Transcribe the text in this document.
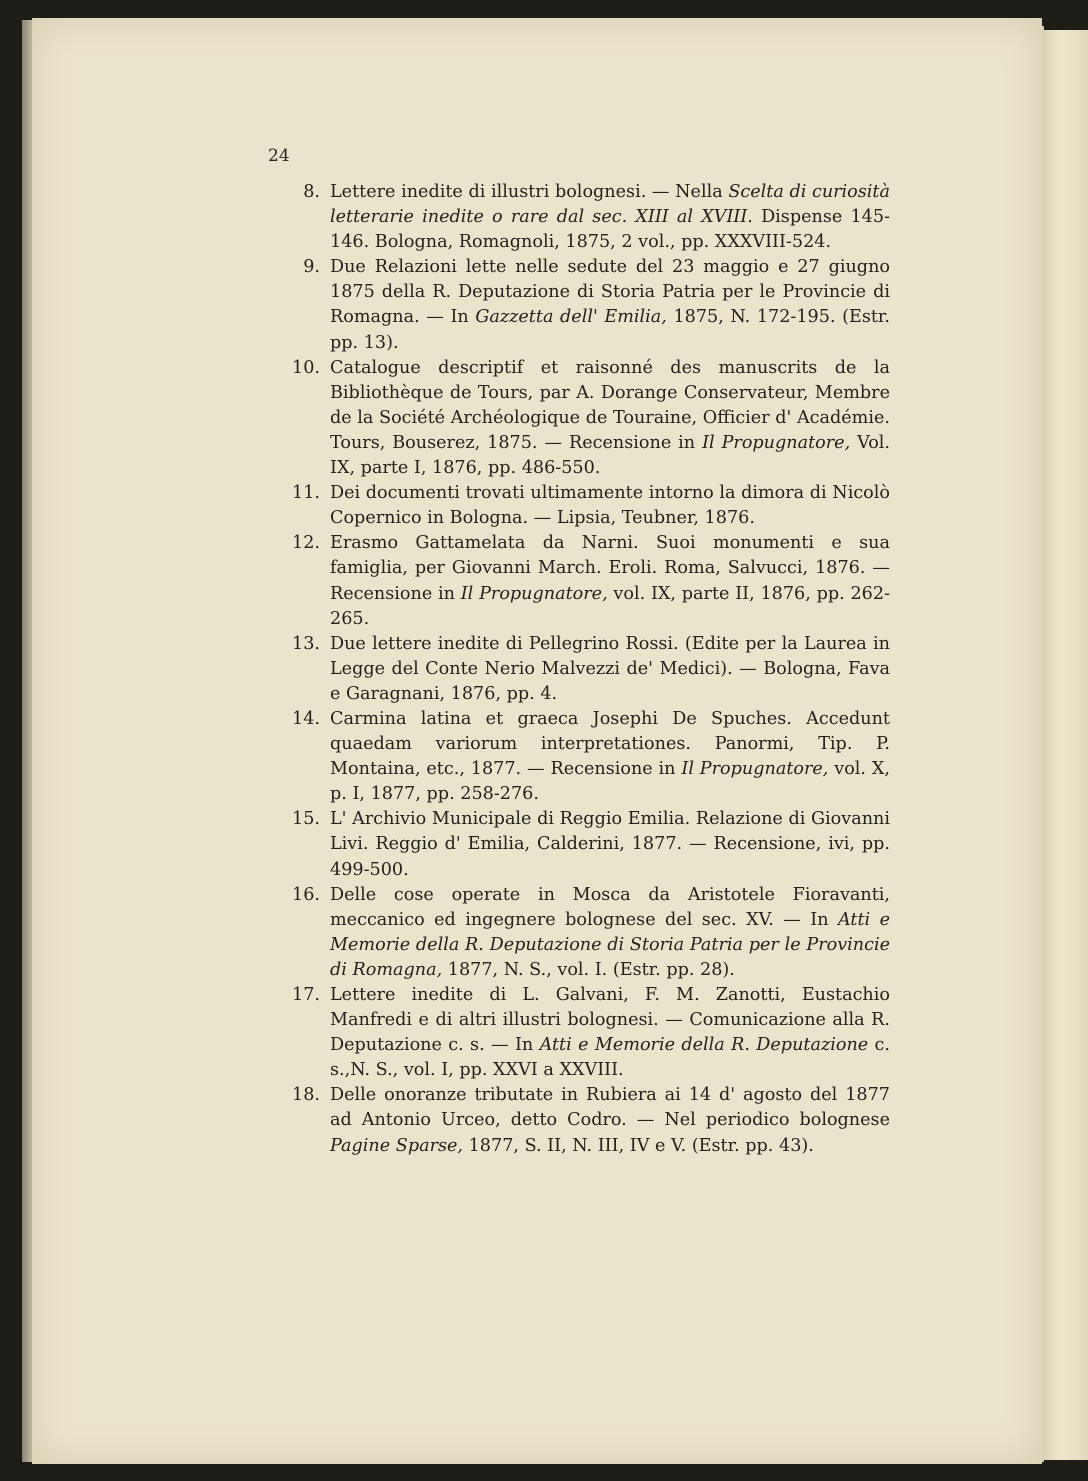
24
8. Lettere inedite di illustri bolognesi. — Nella Scelta di curiosità letterarie inedite o rare dal sec. XIII al XVIII. Dispense 145-146. Bologna, Romagnoli, 1875, 2 vol., pp. XXXVIII-524.
9. Due Relazioni lette nelle sedute del 23 maggio e 27 giugno 1875 della R. Deputazione di Storia Patria per le Provincie di Romagna. — In Gazzetta dell' Emilia, 1875, N. 172-195. (Estr. pp. 13).
10. Catalogue descriptif et raisonné des manuscrits de la Bibliothèque de Tours, par A. Dorange Conservateur, Membre de la Société Archéologique de Touraine, Officier d' Académie. Tours, Bouserez, 1875. — Recensione in Il Propugnatore, Vol. IX, parte I, 1876, pp. 486-550.
11. Dei documenti trovati ultimamente intorno la dimora di Nicolò Copernico in Bologna. — Lipsia, Teubner, 1876.
12. Erasmo Gattamelata da Narni. Suoi monumenti e sua famiglia, per Giovanni March. Eroli. Roma, Salvucci, 1876. — Recensione in Il Propugnatore, vol. IX, parte II, 1876, pp. 262-265.
13. Due lettere inedite di Pellegrino Rossi. (Edite per la Laurea in Legge del Conte Nerio Malvezzi de' Medici). — Bologna, Fava e Garagnani, 1876, pp. 4.
14. Carmina latina et graeca Josephi De Spuches. Accedunt quaedam variorum interpretationes. Panormi, Tip. P. Montaina, etc., 1877. — Recensione in Il Propugnatore, vol. X, p. I, 1877, pp. 258-276.
15. L' Archivio Municipale di Reggio Emilia. Relazione di Giovanni Livi. Reggio d' Emilia, Calderini, 1877. — Recensione, ivi, pp. 499-500.
16. Delle cose operate in Mosca da Aristotele Fioravanti, meccanico ed ingegnere bolognese del sec. XV. — In Atti e Memorie della R. Deputazione di Storia Patria per le Provincie di Romagna, 1877, N. S., vol. I. (Estr. pp. 28).
17. Lettere inedite di L. Galvani, F. M. Zanotti, Eustachio Manfredi e di altri illustri bolognesi. — Comunicazione alla R. Deputazione c. s. — In Atti e Memorie della R. Deputazione c. s.,N. S., vol. I, pp. XXVI a XXVIII.
18. Delle onoranze tributate in Rubiera ai 14 d' agosto del 1877 ad Antonio Urceo, detto Codro. — Nel periodico bolognese Pagine Sparse, 1877, S. II, N. III, IV e V. (Estr. pp. 43).
